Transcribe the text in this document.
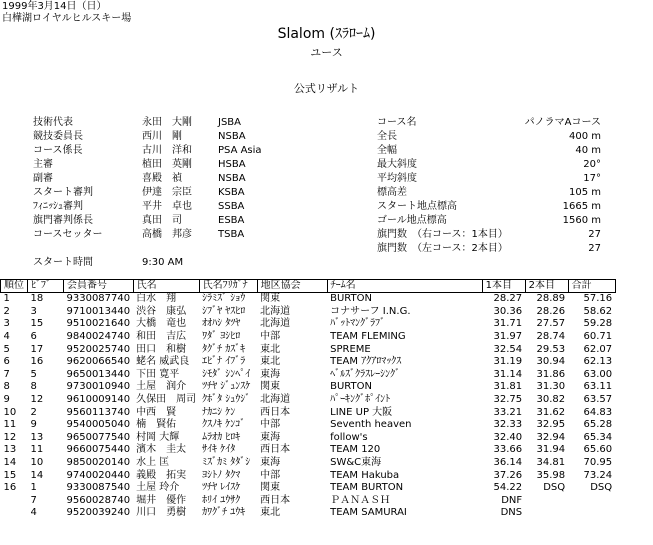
1999年3月14日（日）
白樺湖ロイヤルヒルスキー場
Slalom (ｽﾗﾛｰﾑ)
ユース
公式リザルト
技術代表	永田　大剛	JSBA
競技委員長	西川　剛	NSBA
コース係長	古川　洋和	PSA Asia
主審	植田　英剛	HSBA
副審	喜殿　禎	NSBA
スタート審判	伊達　宗臣	KSBA
ﾌｨﾆｯｼｭ審判	平井　卓也	SSBA
旗門審判係長	真田　司	ESBA
コースセッター	高橋　邦彦	TSBA
スタート時間	9:30 AM
コース名	パノラマAコース
全長	400 m
全幅	40 m
最大斜度	20°
平均斜度	17°
標高差	105 m
スタート地点標高	1665 m
ゴール地点標高	1560 m
旗門数　（右コース：1本目）	27
旗門数　（左コース：2本目）	27
順位	ﾋﾞﾌﾞ	会員番号	氏名	氏名ﾌﾘｶﾞﾅ	地区協会	ﾁｰﾑ名	1本目	2本目	合計
1	18	9330087740	白水　翔	ｼﾗﾐｽﾞ ｼｮｳ	関東	BURTON	28.27	28.89	57.16
2	3	9710013440	渋谷　康弘	ｼﾌﾞﾔ ﾔｽﾋﾛ	北海道	コナサーフ I.N.G.	30.36	28.26	58.62
3	15	9510021640	大橋　竜也	ｵｵﾊｼ ﾀﾂﾔ	北海道	ﾊﾞｯﾄﾏﾝｸﾞﾗﾌﾞ	31.71	27.57	59.28
4	6	9840024740	和田　吉広	ﾜﾀﾞ ﾖｼﾋﾛ	中部	TEAM FLEMING	31.97	28.74	60.71
5	17	9520025740	田口　和樹	ﾀｸﾞﾁ ｶｽﾞｷ	東北	SPREME	32.54	29.53	62.07
6	16	9620066540	蛯名 威武良	ｴﾋﾞﾅ ｲﾌﾞﾗ	東北	TEAM ｱｸｱﾛﾏｯｸｽ	31.19	30.94	62.13
7	5	9650013440	下田 寛平	ｼﾓﾀﾞ ｼﾝﾍﾟｲ	東海	ﾍﾞﾙｽﾞｸﾗｽﾚｰｼﾝｸﾞ	31.14	31.86	63.00
8	8	9730010940	土屋　润介	ﾂﾁﾔ ｼﾞｭﾝｽｹ	関東	BURTON	31.81	31.30	63.11
9	12	9610009140	久保田　周司	ｸﾎﾞﾀ ｼｭｳｼﾞ	北海道	ﾊﾟｰｷﾝｸﾞﾎﾟｲﾝﾄ	32.75	30.82	63.57
10	2	9560113740	中西　賢	ﾅｶﾆｼ ｹﾝ	西日本	LINE UP 大阪	33.21	31.62	64.83
11	9	9540005040	楠　賢佑	ｸｽﾉｷ ｹﾝｺﾞ	中部	Seventh heaven	32.33	32.95	65.28
12	13	9650077540	村岡 大輝	ﾑﾗｵｶ ﾋﾛｷ	東海	follow's	32.40	32.94	65.34
13	11	9660075440	濱木　圭太	ｻｲｷ ｹｲﾀ	西日本	TEAM 120	33.66	31.94	65.60
14	10	9850020140	水上 匡	ﾐｽﾞｶﾐ ﾀﾀﾞｼ	東海	SW&C東海	36.14	34.81	70.95
15	14	9740020440	義殿　拓実	ﾖｼﾄﾉ ﾀｸﾏ	中部	TEAM Hakuba	37.26	35.98	73.24
16	1	9330087540	土屋 玲介	ﾂﾁﾔ ﾚｲｽｹ	関東	TEAM BURTON	54.22	DSQ	DSQ
	7	9560028740	堀井　優作	ﾎﾘｲ ﾕｳｻｸ	西日本	ＰＡＮＡＳＨ	DNF		
	4	9520039240	川口　勇樹	ｶﾜｸﾞﾁ ﾕｳｷ	東北	TEAM SAMURAI	DNS		
